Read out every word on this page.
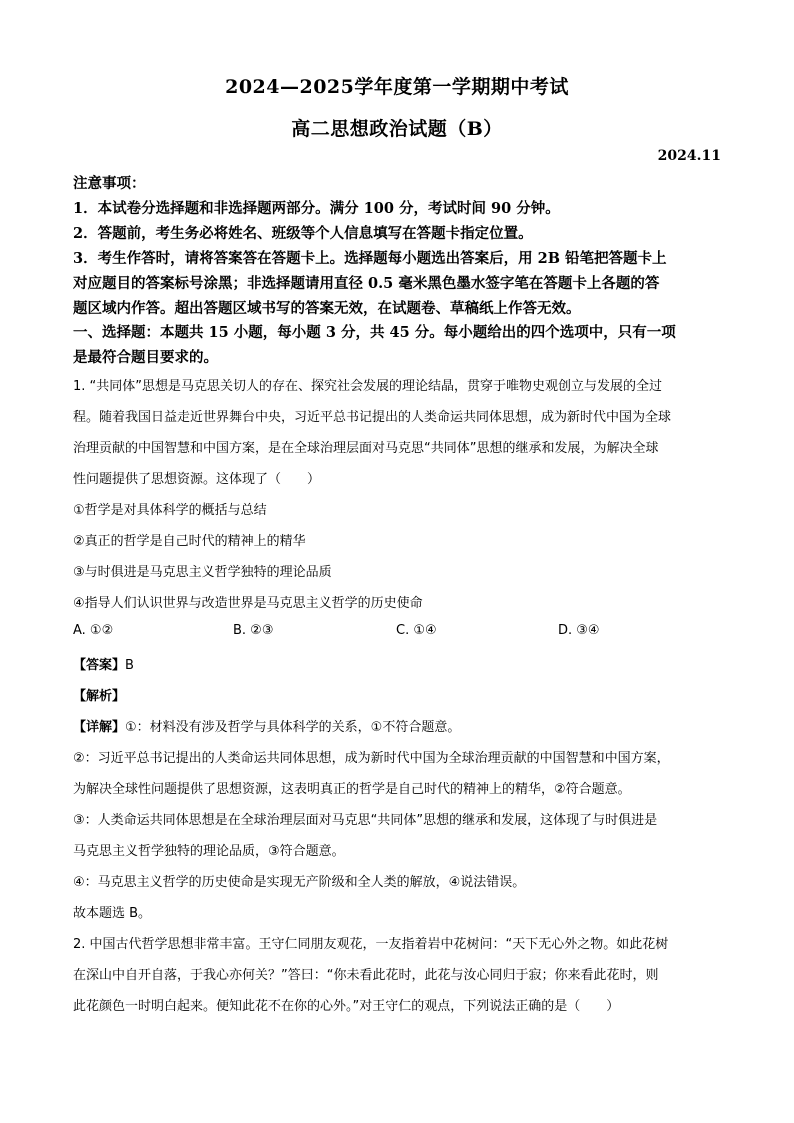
2024—2025学年度第一学期期中考试
高二思想政治试题（B）
2024.11
注意事项：
1．本试卷分选择题和非选择题两部分。满分 100 分，考试时间 90 分钟。
2．答题前，考生务必将姓名、班级等个人信息填写在答题卡指定位置。
3．考生作答时，请将答案答在答题卡上。选择题每小题选出答案后，用 2B 铅笔把答题卡上
对应题目的答案标号涂黑；非选择题请用直径 0.5 毫米黑色墨水签字笔在答题卡上各题的答
题区域内作答。超出答题区域书写的答案无效，在试题卷、草稿纸上作答无效。
一、选择题：本题共 15 小题，每小题 3 分，共 45 分。每小题给出的四个选项中，只有一项
是最符合题目要求的。
1. “共同体”思想是马克思关切人的存在、探究社会发展的理论结晶，贯穿于唯物史观创立与发展的全过
程。随着我国日益走近世界舞台中央，习近平总书记提出的人类命运共同体思想，成为新时代中国为全球
治理贡献的中国智慧和中国方案，是在全球治理层面对马克思“共同体”思想的继承和发展，为解决全球
性问题提供了思想资源。这体现了（　　）
①哲学是对具体科学的概括与总结
②真正的哲学是自己时代的精神上的精华
③与时俱进是马克思主义哲学独特的理论品质
④指导人们认识世界与改造世界是马克思主义哲学的历史使命
A. ①②	B. ②③	C. ①④	D. ③④
【答案】B
【解析】
【详解】①：材料没有涉及哲学与具体科学的关系，①不符合题意。
②：习近平总书记提出的人类命运共同体思想，成为新时代中国为全球治理贡献的中国智慧和中国方案，
为解决全球性问题提供了思想资源，这表明真正的哲学是自己时代的精神上的精华，②符合题意。
③：人类命运共同体思想是在全球治理层面对马克思“共同体”思想的继承和发展，这体现了与时俱进是
马克思主义哲学独特的理论品质，③符合题意。
④：马克思主义哲学的历史使命是实现无产阶级和全人类的解放，④说法错误。
故本题选 B。
2. 中国古代哲学思想非常丰富。王守仁同朋友观花，一友指着岩中花树问：“天下无心外之物。如此花树
在深山中自开自落，于我心亦何关？”答曰：“你未看此花时，此花与汝心同归于寂；你来看此花时，则
此花颜色一时明白起来。便知此花不在你的心外。”对王守仁的观点，下列说法正确的是（　　）
